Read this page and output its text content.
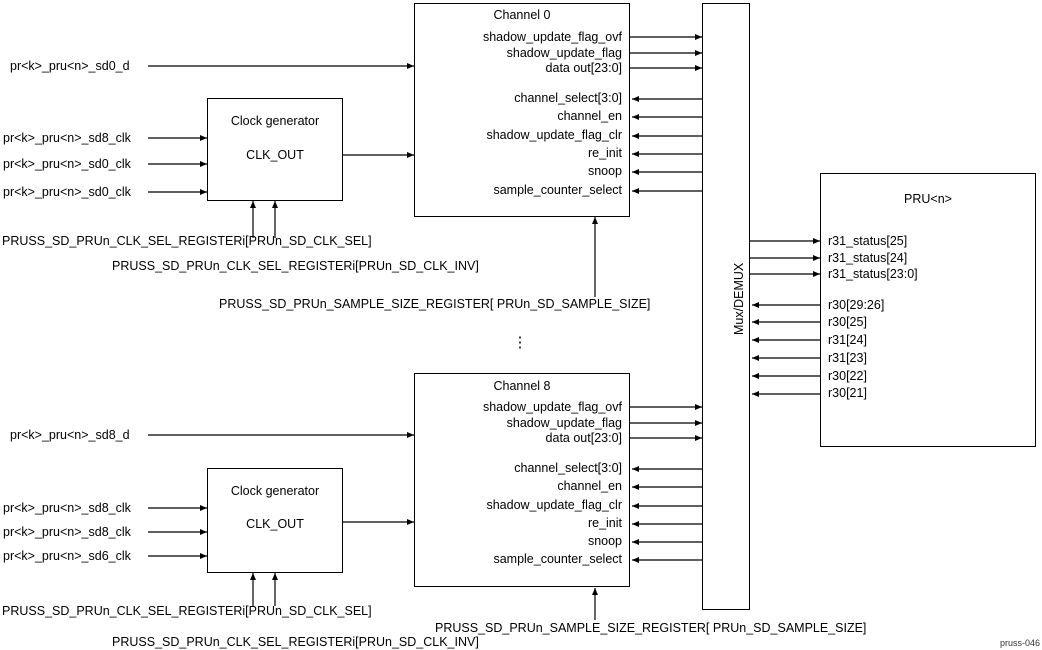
Channel 0
shadow_update_flag_ovf
shadow_update_flag
data out[23:0]
channel_select[3:0]
channel_en
shadow_update_flag_clr
re_init
snoop
sample_counter_select
Channel 8
shadow_update_flag_ovf
shadow_update_flag
data out[23:0]
channel_select[3:0]
channel_en
shadow_update_flag_clr
re_init
snoop
sample_counter_select
Clock generator
CLK_OUT
Clock generator
CLK_OUT
Mux/DEMUX
PRU<n>
r31_status[25]
r31_status[24]
r31_status[23:0]
r30[29:26]
r30[25]
r31[24]
r31[23]
r30[22]
r30[21]
pr<k>_pru<n>_sd0_d
pr<k>_pru<n>_sd8_clk
pr<k>_pru<n>_sd0_clk
pr<k>_pru<n>_sd0_clk
pr<k>_pru<n>_sd8_d
pr<k>_pru<n>_sd8_clk
pr<k>_pru<n>_sd8_clk
pr<k>_pru<n>_sd6_clk
PRUSS_SD_PRUn_CLK_SEL_REGISTERi[PRUn_SD_CLK_SEL]
PRUSS_SD_PRUn_CLK_SEL_REGISTERi[PRUn_SD_CLK_INV]
PRUSS_SD_PRUn_SAMPLE_SIZE_REGISTER[ PRUn_SD_SAMPLE_SIZE]
PRUSS_SD_PRUn_CLK_SEL_REGISTERi[PRUn_SD_CLK_SEL]
PRUSS_SD_PRUn_CLK_SEL_REGISTERi[PRUn_SD_CLK_INV]
PRUSS_SD_PRUn_SAMPLE_SIZE_REGISTER[ PRUn_SD_SAMPLE_SIZE]
⋮
pruss-046
